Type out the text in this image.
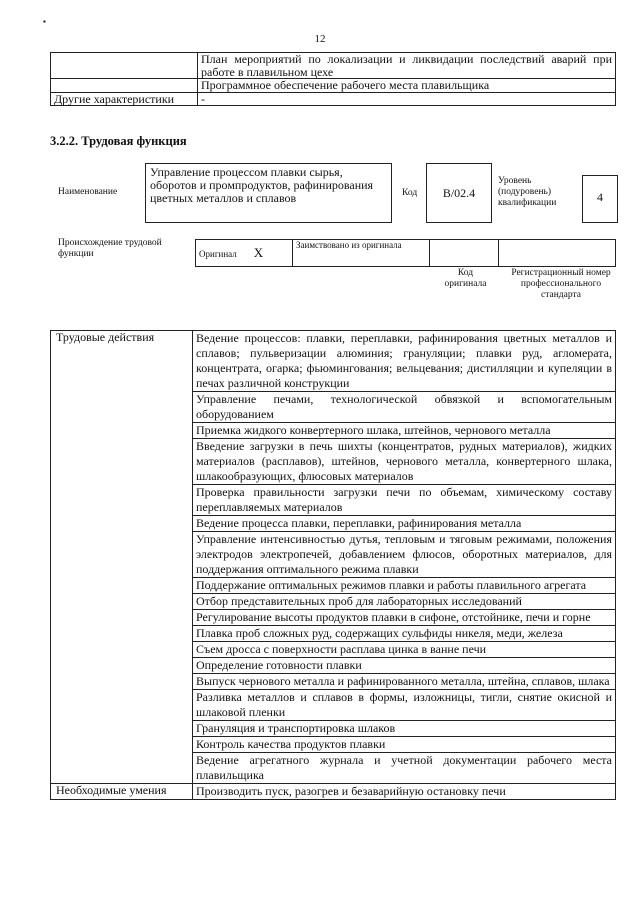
▪
12
	План мероприятий по локализации и ликвидации последствий аварий при работе в плавильном цехе
	Программное обеспечение рабочего места плавильщика
Другие характеристики	-
3.2.2. Трудовая функция
Наименование
Управление процессом плавки сырья, оборотов и промпродуктов, рафинирования цветных металлов и сплавов	Код	B/02.4
Уровень (подуровень) квалификации	4
Происхождение трудовой функции	Оригинал X	Заимствовано из оригинала		
Код оригинала
Регистрационный номер профессионального стандарта
Трудовые действия	Ведение процессов: плавки, переплавки, рафинирования цветных металлов и сплавов; пульверизации алюминия; грануляции; плавки руд, агломерата, концентрата, огарка; фьюмингования; вельцевания; дистилляции и купеляции в печах различной конструкции
	Управление печами, технологической обвязкой и вспомогательным оборудованием
	Приемка жидкого конвертерного шлака, штейнов, чернового металла
	Введение загрузки в печь шихты (концентратов, рудных материалов), жидких материалов (расплавов), штейнов, чернового металла, конвертерного шлака, шлакообразующих, флюсовых материалов
	Проверка правильности загрузки печи по объемам, химическому составу переплавляемых материалов
	Ведение процесса плавки, переплавки, рафинирования металла
	Управление интенсивностью дутья, тепловым и тяговым режимами, положения электродов электропечей, добавлением флюсов, оборотных материалов, для поддержания оптимального режима плавки
	Поддержание оптимальных режимов плавки и работы плавильного агрегата
	Отбор представительных проб для лабораторных исследований
	Регулирование высоты продуктов плавки в сифоне, отстойнике, печи и горне
	Плавка проб сложных руд, содержащих сульфиды никеля, меди, железа
	Съем дросса с поверхности расплава цинка в ванне печи
	Определение готовности плавки
	Выпуск чернового металла и рафинированного металла, штейна, сплавов, шлака
	Разливка металлов и сплавов в формы, изложницы, тигли, снятие окисной и шлаковой пленки
	Грануляция и транспортировка шлаков
	Контроль качества продуктов плавки
	Ведение агрегатного журнала и учетной документации рабочего места плавильщика
Необходимые умения	Производить пуск, разогрев и безаварийную остановку печи
